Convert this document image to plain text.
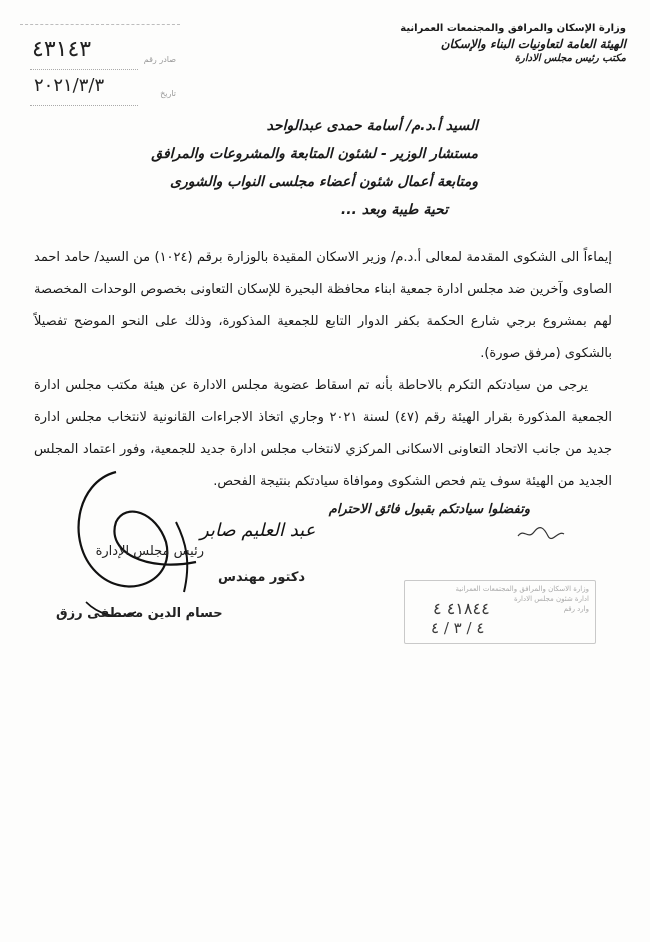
وزارة الإسكان والمرافق والمجتمعات العمرانية
الهيئة العامة لتعاونيات البناء والإسكان
مكتب رئيس مجلس الادارة
صادر رقم
٤٣١٤٣
تاريخ
٢٠٢١/٣/٣
السيد أ.د.م/ أسامة حمدى عبدالواحد
مستشار الوزير - لشئون المتابعة والمشروعات والمرافق
ومتابعة أعمال شئون أعضاء مجلسى النواب والشورى
تحية طيبة وبعد ...

إيماءاً الى الشكوى المقدمة لمعالى أ.د.م/ وزير الاسكان المقيدة بالوزارة برقم (١٠٢٤) من السيد/ حامد احمد الصاوى وآخرين ضد مجلس ادارة جمعية ابناء محافظة البحيرة للإسكان التعاونى بخصوص الوحدات المخصصة لهم بمشروع برجي شارع الحكمة بكفر الدوار التابع للجمعية المذكورة، وذلك على النحو الموضح تفصيلاً بالشكوى (مرفق صورة).

يرجى من سيادتكم التكرم بالاحاطة بأنه تم اسقاط عضوية مجلس الادارة عن هيئة مكتب مجلس ادارة الجمعية المذكورة بقرار الهيئة رقم (٤٧) لسنة ٢٠٢١ وجاري اتخاذ الاجراءات القانونية لانتخاب مجلس ادارة جديد من جانب الاتحاد التعاونى الاسكانى المركزي لانتخاب مجلس ادارة جديد للجمعية، وفور اعتماد المجلس الجديد من الهيئة سوف يتم فحص الشكوى وموافاة سيادتكم بنتيجة الفحص.

وتفضلوا سيادتكم بقبول فائق الاحترام
عبد العليم صابر
رئيس مجلس الإدارة
دكتور مهندس
حسام الدين مصطفى رزق
وزارة الاسكان والمرافق والمجتمعات العمرانية
ادارة شئون مجلس الادارة
وارد رقم
٤١٨٤٤ ٤
٤ / ٣ / ٤
